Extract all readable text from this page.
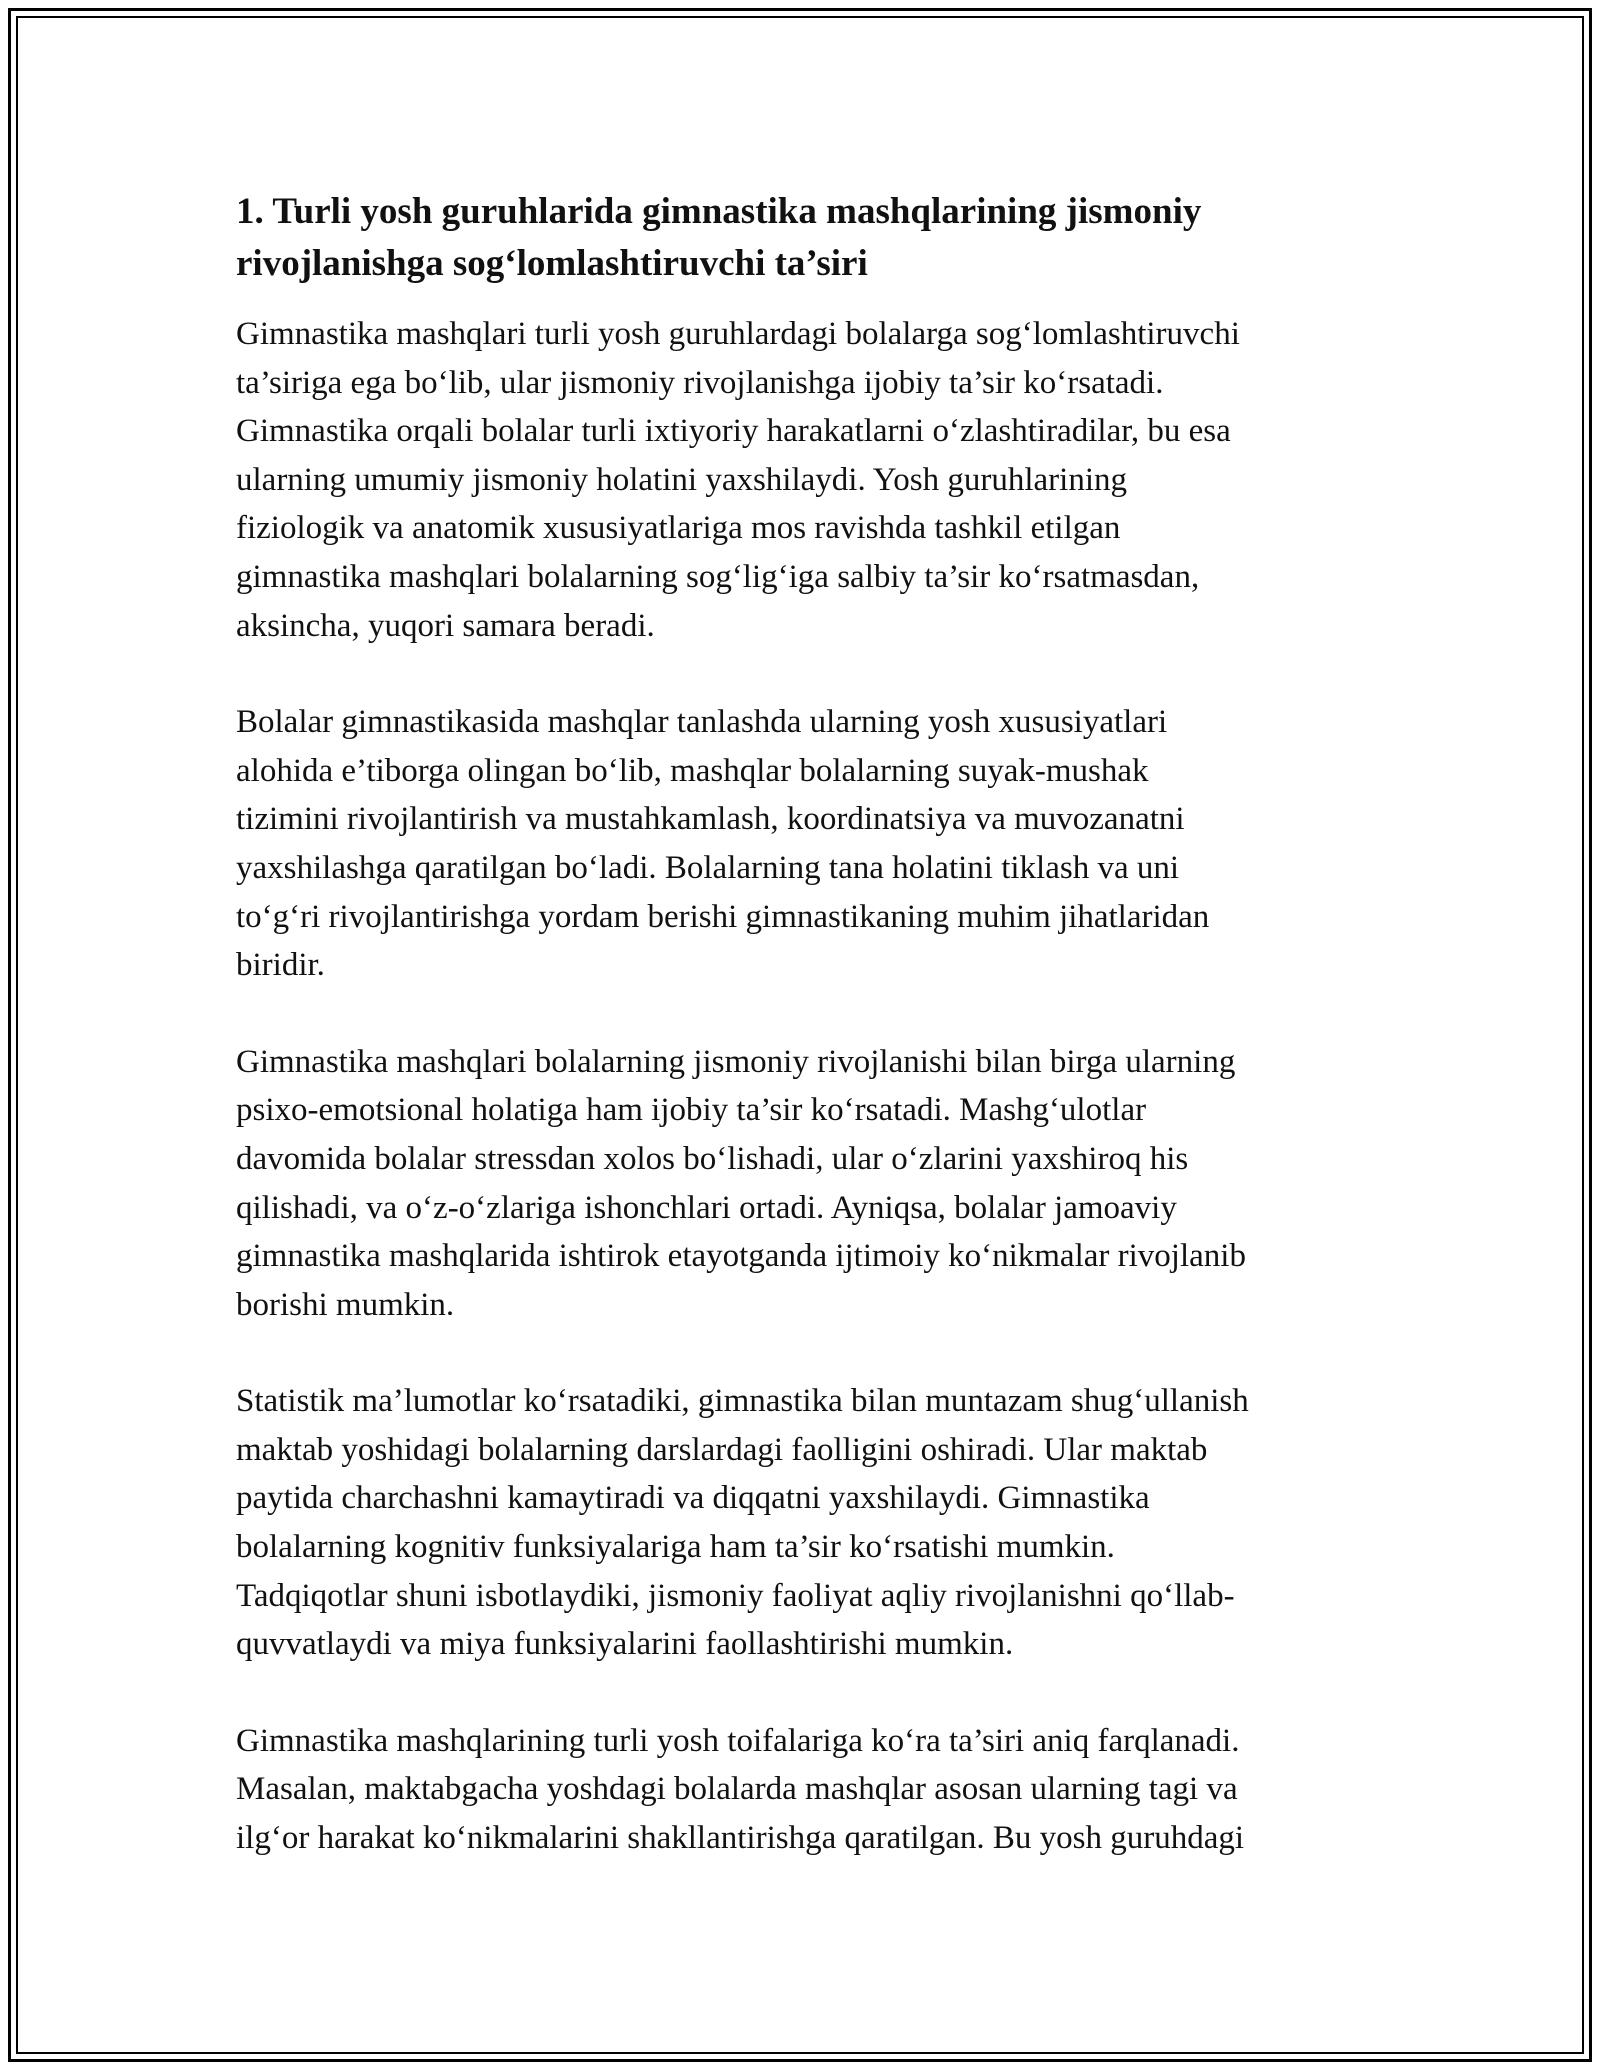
1. Turli yosh guruhlarida gimnastika mashqlarining jismoniy
rivojlanishga sog‘lomlashtiruvchi ta’siri

Gimnastika mashqlari turli yosh guruhlardagi bolalarga sog‘lomlashtiruvchi
ta’siriga ega bo‘lib, ular jismoniy rivojlanishga ijobiy ta’sir ko‘rsatadi.
Gimnastika orqali bolalar turli ixtiyoriy harakatlarni o‘zlashtiradilar, bu esa
ularning umumiy jismoniy holatini yaxshilaydi. Yosh guruhlarining
fiziologik va anatomik xususiyatlariga mos ravishda tashkil etilgan
gimnastika mashqlari bolalarning sog‘lig‘iga salbiy ta’sir ko‘rsatmasdan,
aksincha, yuqori samara beradi.

Bolalar gimnastikasida mashqlar tanlashda ularning yosh xususiyatlari
alohida e’tiborga olingan bo‘lib, mashqlar bolalarning suyak-mushak
tizimini rivojlantirish va mustahkamlash, koordinatsiya va muvozanatni
yaxshilashga qaratilgan bo‘ladi. Bolalarning tana holatini tiklash va uni
to‘g‘ri rivojlantirishga yordam berishi gimnastikaning muhim jihatlaridan
biridir.

Gimnastika mashqlari bolalarning jismoniy rivojlanishi bilan birga ularning
psixo-emotsional holatiga ham ijobiy ta’sir ko‘rsatadi. Mashg‘ulotlar
davomida bolalar stressdan xolos bo‘lishadi, ular o‘zlarini yaxshiroq his
qilishadi, va o‘z-o‘zlariga ishonchlari ortadi. Ayniqsa, bolalar jamoaviy
gimnastika mashqlarida ishtirok etayotganda ijtimoiy ko‘nikmalar rivojlanib
borishi mumkin.

Statistik ma’lumotlar ko‘rsatadiki, gimnastika bilan muntazam shug‘ullanish
maktab yoshidagi bolalarning darslardagi faolligini oshiradi. Ular maktab
paytida charchashni kamaytiradi va diqqatni yaxshilaydi. Gimnastika
bolalarning kognitiv funksiyalariga ham ta’sir ko‘rsatishi mumkin.
Tadqiqotlar shuni isbotlaydiki, jismoniy faoliyat aqliy rivojlanishni qo‘llab-
quvvatlaydi va miya funksiyalarini faollashtirishi mumkin.

Gimnastika mashqlarining turli yosh toifalariga ko‘ra ta’siri aniq farqlanadi.
Masalan, maktabgacha yoshdagi bolalarda mashqlar asosan ularning tagi va
ilg‘or harakat ko‘nikmalarini shakllantirishga qaratilgan. Bu yosh guruhdagi
